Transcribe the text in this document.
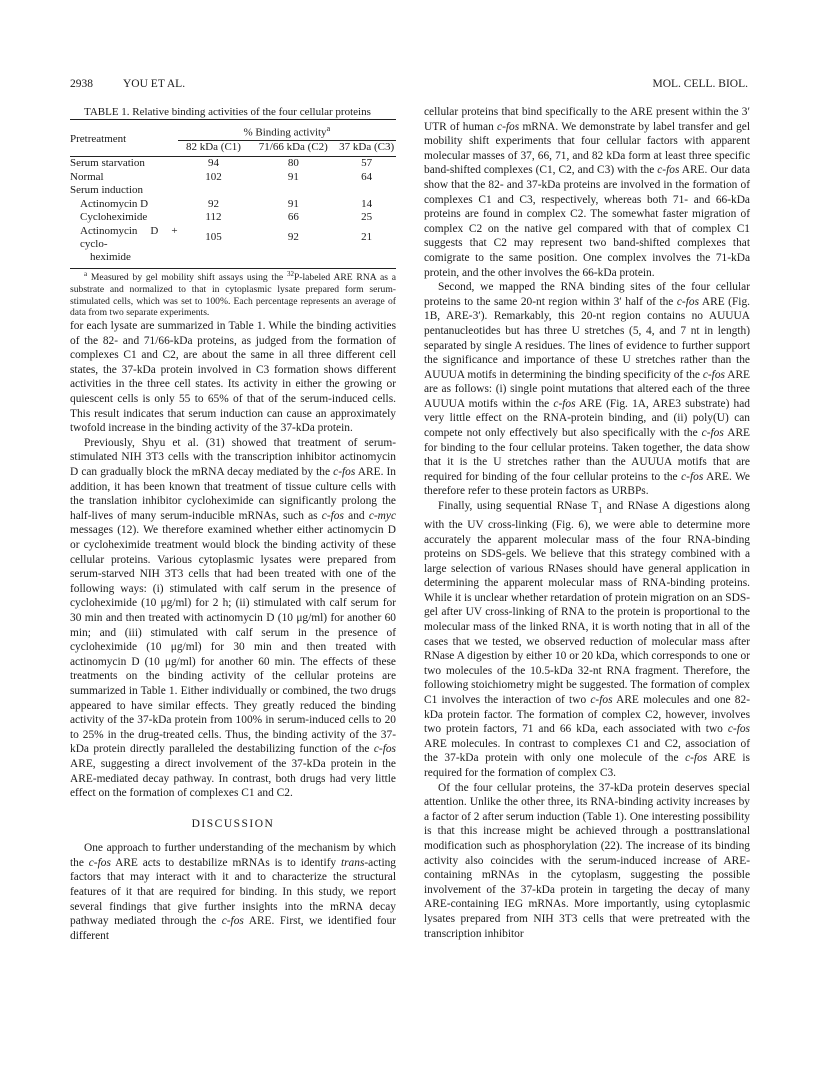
2938	YOU ET AL.	MOL. CELL. BIOL.

TABLE 1. Relative binding activities of the four cellular proteins

Pretreatment	% Binding activity$^a$
	82 kDa (C1)	71/66 kDa (C2)	37 kDa (C3)
Serum starvation	94	80	57
Normal	102	91	64
Serum induction			
Actinomycin D	92	91	14
Cycloheximide	112	66	25
Actinomycin D + cyclo-	105	92	21
heximide			

$^a$ Measured by gel mobility shift assays using the $^{32}$P-labeled ARE RNA as a substrate and normalized to that in cytoplasmic lysate prepared form serum-stimulated cells, which was set to 100%. Each percentage represents an average of data from two separate experiments.

for each lysate are summarized in Table 1. While the binding activities of the 82- and 71/66-kDa proteins, as judged from the formation of complexes C1 and C2, are about the same in all three different cell states, the 37-kDa protein involved in C3 formation shows different activities in the three cell states. Its activity in either the growing or quiescent cells is only 55 to 65% of that of the serum-induced cells. This result indicates that serum induction can cause an approximately twofold increase in the binding activity of the 37-kDa protein.

Previously, Shyu et al. (31) showed that treatment of serum-stimulated NIH 3T3 cells with the transcription inhibitor actinomycin D can gradually block the mRNA decay mediated by the c-fos ARE. In addition, it has been known that treatment of tissue culture cells with the translation inhibitor cycloheximide can significantly prolong the half-lives of many serum-inducible mRNAs, such as c-fos and c-myc messages (12). We therefore examined whether either actinomycin D or cycloheximide treatment would block the binding activity of these cellular proteins. Various cytoplasmic lysates were prepared from serum-starved NIH 3T3 cells that had been treated with one of the following ways: (i) stimulated with calf serum in the presence of cycloheximide (10 μg/ml) for 2 h; (ii) stimulated with calf serum for 30 min and then treated with actinomycin D (10 μg/ml) for another 60 min; and (iii) stimulated with calf serum in the presence of cycloheximide (10 μg/ml) for 30 min and then treated with actinomycin D (10 μg/ml) for another 60 min. The effects of these treatments on the binding activity of the cellular proteins are summarized in Table 1. Either individually or combined, the two drugs appeared to have similar effects. They greatly reduced the binding activity of the 37-kDa protein from 100% in serum-induced cells to 20 to 25% in the drug-treated cells. Thus, the binding activity of the 37-kDa protein directly paralleled the destabilizing function of the c-fos ARE, suggesting a direct involvement of the 37-kDa protein in the ARE-mediated decay pathway. In contrast, both drugs had very little effect on the formation of complexes C1 and C2.

DISCUSSION

One approach to further understanding of the mechanism by which the c-fos ARE acts to destabilize mRNAs is to identify trans-acting factors that may interact with it and to characterize the structural features of it that are required for binding. In this study, we report several findings that give further insights into the mRNA decay pathway mediated through the c-fos ARE. First, we identified four different

cellular proteins that bind specifically to the ARE present within the 3′ UTR of human c-fos mRNA. We demonstrate by label transfer and gel mobility shift experiments that four cellular factors with apparent molecular masses of 37, 66, 71, and 82 kDa form at least three specific band-shifted complexes (C1, C2, and C3) with the c-fos ARE. Our data show that the 82- and 37-kDa proteins are involved in the formation of complexes C1 and C3, respectively, whereas both 71- and 66-kDa proteins are found in complex C2. The somewhat faster migration of complex C2 on the native gel compared with that of complex C1 suggests that C2 may represent two band-shifted complexes that comigrate to the same position. One complex involves the 71-kDa protein, and the other involves the 66-kDa protein.

Second, we mapped the RNA binding sites of the four cellular proteins to the same 20-nt region within 3′ half of the c-fos ARE (Fig. 1B, ARE-3′). Remarkably, this 20-nt region contains no AUUUA pentanucleotides but has three U stretches (5, 4, and 7 nt in length) separated by single A residues. The lines of evidence to further support the significance and importance of these U stretches rather than the AUUUA motifs in determining the binding specificity of the c-fos ARE are as follows: (i) single point mutations that altered each of the three AUUUA motifs within the c-fos ARE (Fig. 1A, ARE3 substrate) had very little effect on the RNA-protein binding, and (ii) poly(U) can compete not only effectively but also specifically with the c-fos ARE for binding to the four cellular proteins. Taken together, the data show that it is the U stretches rather than the AUUUA motifs that are required for binding of the four cellular proteins to the c-fos ARE. We therefore refer to these protein factors as URBPs.

Finally, using sequential RNase $T_1$ and RNase A digestions along with the UV cross-linking (Fig. 6), we were able to determine more accurately the apparent molecular mass of the four RNA-binding proteins on SDS-gels. We believe that this strategy combined with a large selection of various RNases should have general application in determining the apparent molecular mass of RNA-binding proteins. While it is unclear whether retardation of protein migration on an SDS-gel after UV cross-linking of RNA to the protein is proportional to the molecular mass of the linked RNA, it is worth noting that in all of the cases that we tested, we observed reduction of molecular mass after RNase A digestion by either 10 or 20 kDa, which corresponds to one or two molecules of the 10.5-kDa 32-nt RNA fragment. Therefore, the following stoichiometry might be suggested. The formation of complex C1 involves the interaction of two c-fos ARE molecules and one 82-kDa protein factor. The formation of complex C2, however, involves two protein factors, 71 and 66 kDa, each associated with two c-fos ARE molecules. In contrast to complexes C1 and C2, association of the 37-kDa protein with only one molecule of the c-fos ARE is required for the formation of complex C3.

Of the four cellular proteins, the 37-kDa protein deserves special attention. Unlike the other three, its RNA-binding activity increases by a factor of 2 after serum induction (Table 1). One interesting possibility is that this increase might be achieved through a posttranslational modification such as phosphorylation (22). The increase of its binding activity also coincides with the serum-induced increase of ARE-containing mRNAs in the cytoplasm, suggesting the possible involvement of the 37-kDa protein in targeting the decay of many ARE-containing IEG mRNAs. More importantly, using cytoplasmic lysates prepared from NIH 3T3 cells that were pretreated with the transcription inhibitor
